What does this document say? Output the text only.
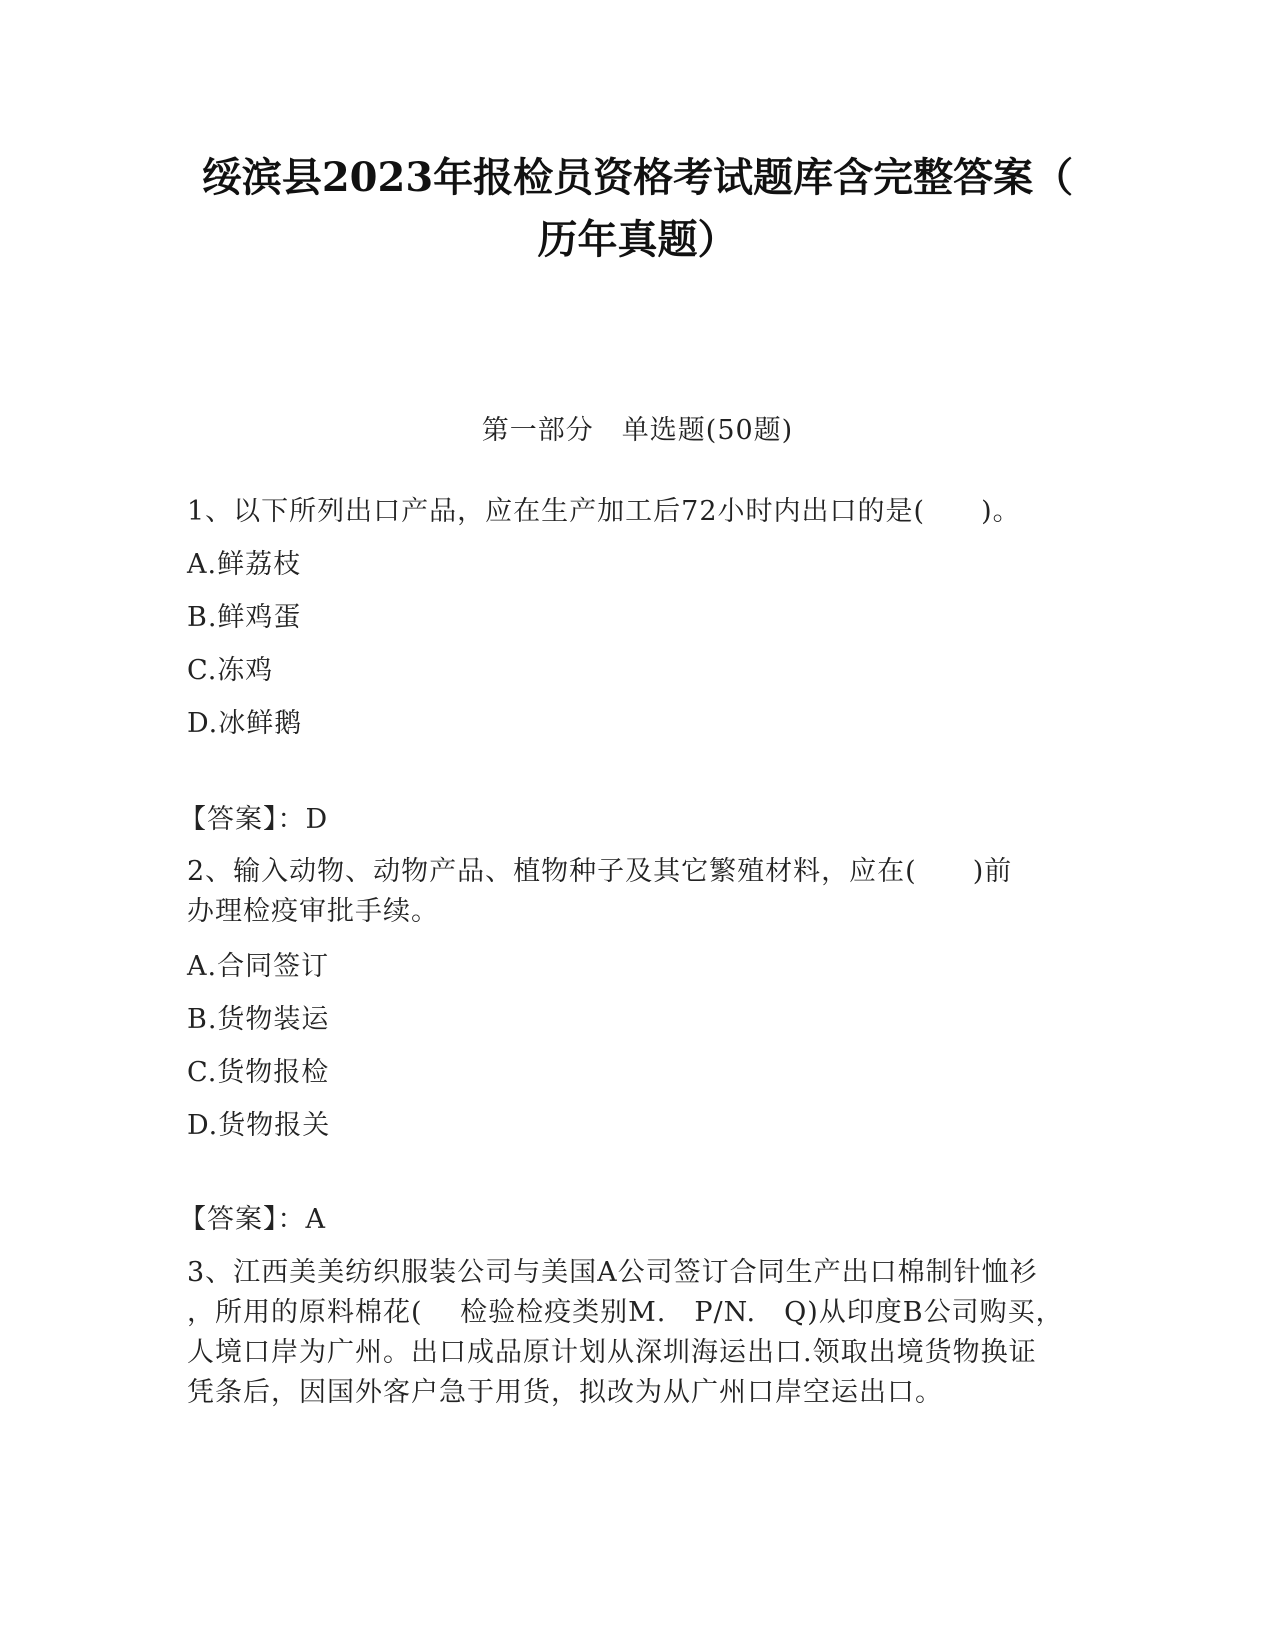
绥滨县2023年报检员资格考试题库含完整答案（
历年真题）
第一部分　单选题(50题)
1、以下所列出口产品，应在生产加工后72小时内出口的是(　　)。
A.鲜荔枝
B.鲜鸡蛋
C.冻鸡
D.冰鲜鹅
【答案】：D
2、输入动物、动物产品、植物种子及其它繁殖材料，应在(　　)前
办理检疫审批手续。
A.合同签订
B.货物装运
C.货物报检
D.货物报关
【答案】：A
3、江西美美纺织服装公司与美国A公司签订合同生产出口棉制针恤衫
，所用的原料棉花(　 检验检疫类别M.　P/N.　Q)从印度B公司购买，
人境口岸为广州。出口成品原计划从深圳海运出口.领取出境货物换证
凭条后，因国外客户急于用货，拟改为从广州口岸空运出口。
